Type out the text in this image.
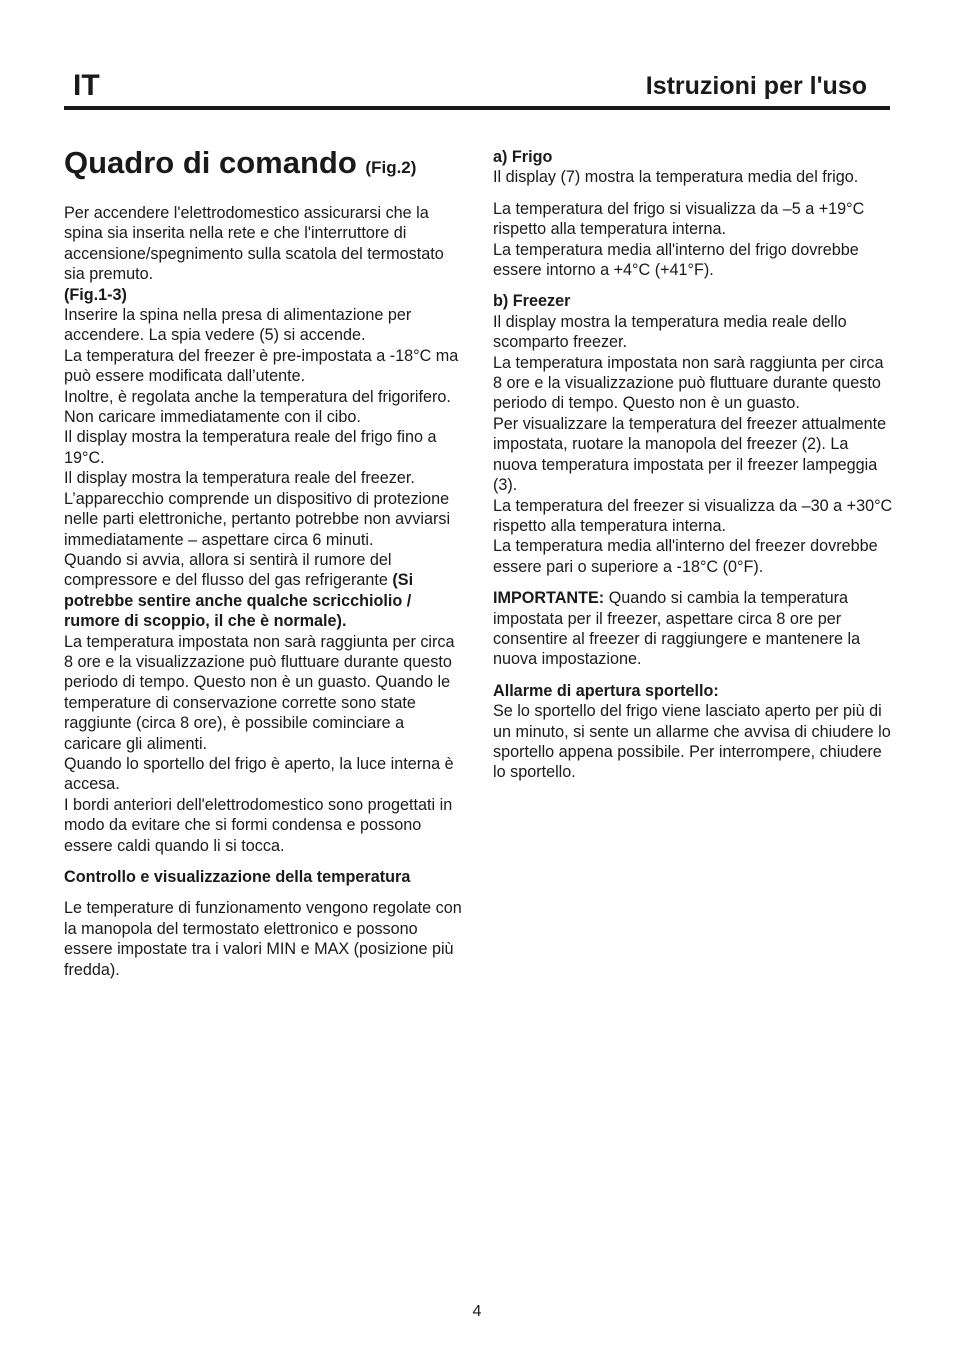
IT	Istruzioni per l'uso
Quadro di comando (Fig.2)

Per accendere l'elettrodomestico assicurarsi che la spina sia inserita nella rete e che l'interruttore di accensione/spegnimento sulla scatola del termostato sia premuto.

(Fig.1-3)

Inserire la spina nella presa di alimentazione per accendere. La spia vedere (5) si accende.

La temperatura del freezer è pre-impostata a -18°C ma può essere modificata dall’utente.

Inoltre, è regolata anche la temperatura del frigorifero.

Non caricare immediatamente con il cibo.

Il display mostra la temperatura reale del frigo fino a 19°C.

Il display mostra la temperatura reale del freezer.

L’apparecchio comprende un dispositivo di protezione nelle parti elettroniche, pertanto potrebbe non avviarsi immediatamente – aspettare circa 6 minuti.

Quando si avvia, allora si sentirà il rumore del compressore e del flusso del gas refrigerante (Si potrebbe sentire anche qualche scricchiolio / rumore di scoppio, il che è normale).

La temperatura impostata non sarà raggiunta per circa 8 ore e la visualizzazione può fluttuare durante questo periodo di tempo. Questo non è un guasto. Quando le temperature di conservazione corrette sono state raggiunte (circa 8 ore), è possibile cominciare a caricare gli alimenti.

Quando lo sportello del frigo è aperto, la luce interna è accesa.

I bordi anteriori dell'elettrodomestico sono progettati in modo da evitare che si formi condensa e possono essere caldi quando li si tocca.

Controllo e visualizzazione della temperatura

Le temperature di funzionamento vengono regolate con la manopola del termostato elettronico e possono essere impostate tra i valori MIN e MAX (posizione più fredda).

a) Frigo

Il display (7) mostra la temperatura media del frigo.

La temperatura del frigo si visualizza da –5 a +19°C rispetto alla temperatura interna.

La temperatura media all'interno del frigo dovrebbe essere intorno a +4°C (+41°F).

b) Freezer

Il display mostra la temperatura media reale dello scomparto freezer.

La temperatura impostata non sarà raggiunta per circa 8 ore e la visualizzazione può fluttuare durante questo periodo di tempo. Questo non è un guasto.

Per visualizzare la temperatura del freezer attualmente impostata, ruotare la manopola del freezer (2). La nuova temperatura impostata per il freezer lampeggia (3).

La temperatura del freezer si visualizza da –30 a +30°C rispetto alla temperatura interna.

La temperatura media all'interno del freezer dovrebbe essere pari o superiore a -18°C (0°F).

IMPORTANTE: Quando si cambia la temperatura impostata per il freezer, aspettare circa 8 ore per consentire al freezer di raggiungere e mantenere la nuova impostazione.

Allarme di apertura sportello:

Se lo sportello del frigo viene lasciato aperto per più di un minuto, si sente un allarme che avvisa di chiudere lo sportello appena possibile. Per interrompere, chiudere lo sportello.

4
